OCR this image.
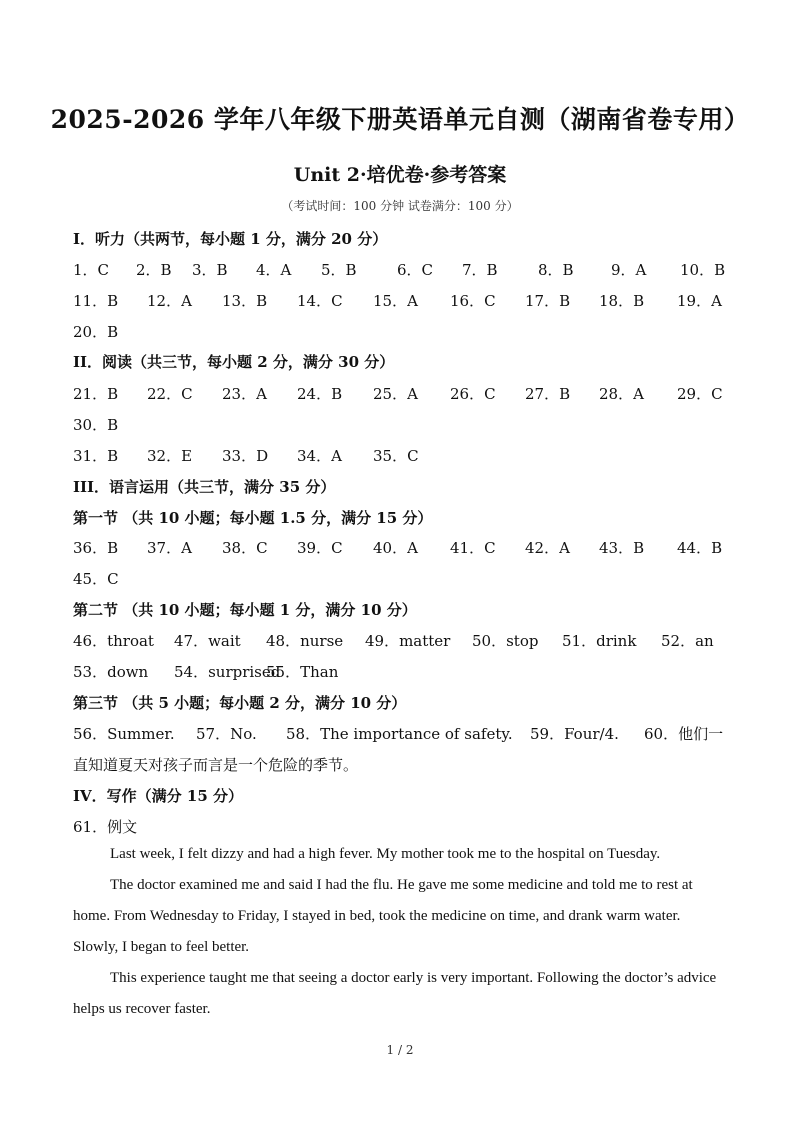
2025-2026 学年八年级下册英语单元自测（湖南省卷专用）
Unit 2·培优卷·参考答案
（考试时间：100 分钟 试卷满分：100 分）
I．听力（共两节，每小题 1 分，满分 20 分）
II．阅读（共三节，每小题 2 分，满分 30 分）
III．语言运用（共三节，满分 35 分）
第一节 （共 10 小题；每小题 1.5 分，满分 15 分）
第二节 （共 10 小题；每小题 1 分，满分 10 分）
第三节 （共 5 小题；每小题 2 分，满分 10 分）
直知道夏天对孩子而言是一个危险的季节。
IV．写作（满分 15 分）
61．例文

Last week, I felt dizzy and had a high fever. My mother took me to the hospital on Tuesday.

The doctor examined me and said I had the flu. He gave me some medicine and told me to rest at home. From Wednesday to Friday, I stayed in bed, took the medicine on time, and drank warm water. Slowly, I began to feel better.

This experience taught me that seeing a doctor early is very important. Following the doctor’s advice helps us recover faster.

1 / 2
1．C 2．B 3．B 4．A 5．B	6．C 7．B	8．B 9．A 10．B
11．B 12．A 13．B 14．C 15．A 16．C 17．B 18．B 19．A
20．B
21．B 22．C 23．A 24．B 25．A 26．C 27．B 28．A 29．C
30．B
31．B 32．E 33．D 34．A 35．C
36．B 37．A 38．C 39．C 40．A 41．C 42．A 43．B 44．B
45．C
46．throat 47．wait 48．nurse 49．matter 50．stop 51．drink 52．an
53．down 54．surprised
55．Than
56．Summer. 57．No. 58．The importance of safety. 59．Four/4. 60．他们一
